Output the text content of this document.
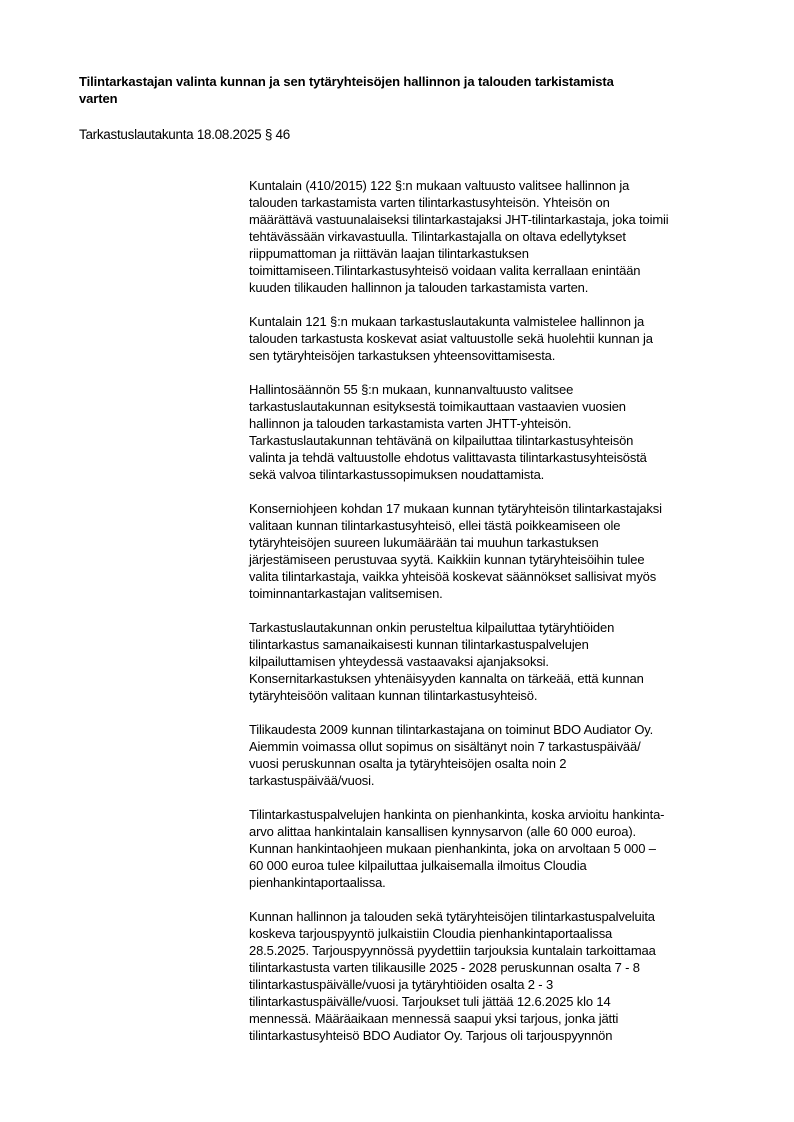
Tilintarkastajan valinta kunnan ja sen tytäryhteisöjen hallinnon ja talouden tarkistamista
varten
Tarkastuslautakunta 18.08.2025 § 46
Kuntalain (410/2015) 122 §:n mukaan valtuusto valitsee hallinnon ja
talouden tarkastamista varten tilintarkastusyhteisön. Yhteisön on
määrättävä vastuunalaiseksi tilintarkastajaksi JHT-tilintarkastaja, joka toimii
tehtävässään virkavastuulla. Tilintarkastajalla on oltava edellytykset
riippumattoman ja riittävän laajan tilintarkastuksen
toimittamiseen.Tilintarkastusyhteisö voidaan valita kerrallaan enintään
kuuden tilikauden hallinnon ja talouden tarkastamista varten.
Kuntalain 121 §:n mukaan tarkastuslautakunta valmistelee hallinnon ja
talouden tarkastusta koskevat asiat valtuustolle sekä huolehtii kunnan ja
sen tytäryhteisöjen tarkastuksen yhteensovittamisesta.
Hallintosäännön 55 §:n mukaan, kunnanvaltuusto valitsee
tarkastuslautakunnan esityksestä toimikauttaan vastaavien vuosien
hallinnon ja talouden tarkastamista varten JHTT-yhteisön.
Tarkastuslautakunnan tehtävänä on kilpailuttaa tilintarkastusyhteisön
valinta ja tehdä valtuustolle ehdotus valittavasta tilintarkastusyhteisöstä
sekä valvoa tilintarkastussopimuksen noudattamista.
Konserniohjeen kohdan 17 mukaan kunnan tytäryhteisön tilintarkastajaksi
valitaan kunnan tilintarkastusyhteisö, ellei tästä poikkeamiseen ole
tytäryhteisöjen suureen lukumäärään tai muuhun tarkastuksen
järjestämiseen perustuvaa syytä. Kaikkiin kunnan tytäryhteisöihin tulee
valita tilintarkastaja, vaikka yhteisöä koskevat säännökset sallisivat myös
toiminnantarkastajan valitsemisen.
Tarkastuslautakunnan onkin perusteltua kilpailuttaa tytäryhtiöiden
tilintarkastus samanaikaisesti kunnan tilintarkastuspalvelujen
kilpailuttamisen yhteydessä vastaavaksi ajanjaksoksi.
Konsernitarkastuksen yhtenäisyyden kannalta on tärkeää, että kunnan
tytäryhteisöön valitaan kunnan tilintarkastusyhteisö.
Tilikaudesta 2009 kunnan tilintarkastajana on toiminut BDO Audiator Oy.
Aiemmin voimassa ollut sopimus on sisältänyt noin 7 tarkastuspäivää/
vuosi peruskunnan osalta ja tytäryhteisöjen osalta noin 2
tarkastuspäivää/vuosi.
Tilintarkastuspalvelujen hankinta on pienhankinta, koska arvioitu hankinta-
arvo alittaa hankintalain kansallisen kynnysarvon (alle 60 000 euroa).
Kunnan hankintaohjeen mukaan pienhankinta, joka on arvoltaan 5 000 –
60 000 euroa tulee kilpailuttaa julkaisemalla ilmoitus Cloudia
pienhankintaportaalissa.
Kunnan hallinnon ja talouden sekä tytäryhteisöjen tilintarkastuspalveluita
koskeva tarjouspyyntö julkaistiin Cloudia pienhankintaportaalissa
28.5.2025. Tarjouspyynnössä pyydettiin tarjouksia kuntalain tarkoittamaa
tilintarkastusta varten tilikausille 2025 - 2028 peruskunnan osalta 7 - 8
tilintarkastuspäivälle/vuosi ja tytäryhtiöiden osalta 2 - 3
tilintarkastuspäivälle/vuosi. Tarjoukset tuli jättää 12.6.2025 klo 14
mennessä. Määräaikaan mennessä saapui yksi tarjous, jonka jätti
tilintarkastusyhteisö BDO Audiator Oy. Tarjous oli tarjouspyynnön
